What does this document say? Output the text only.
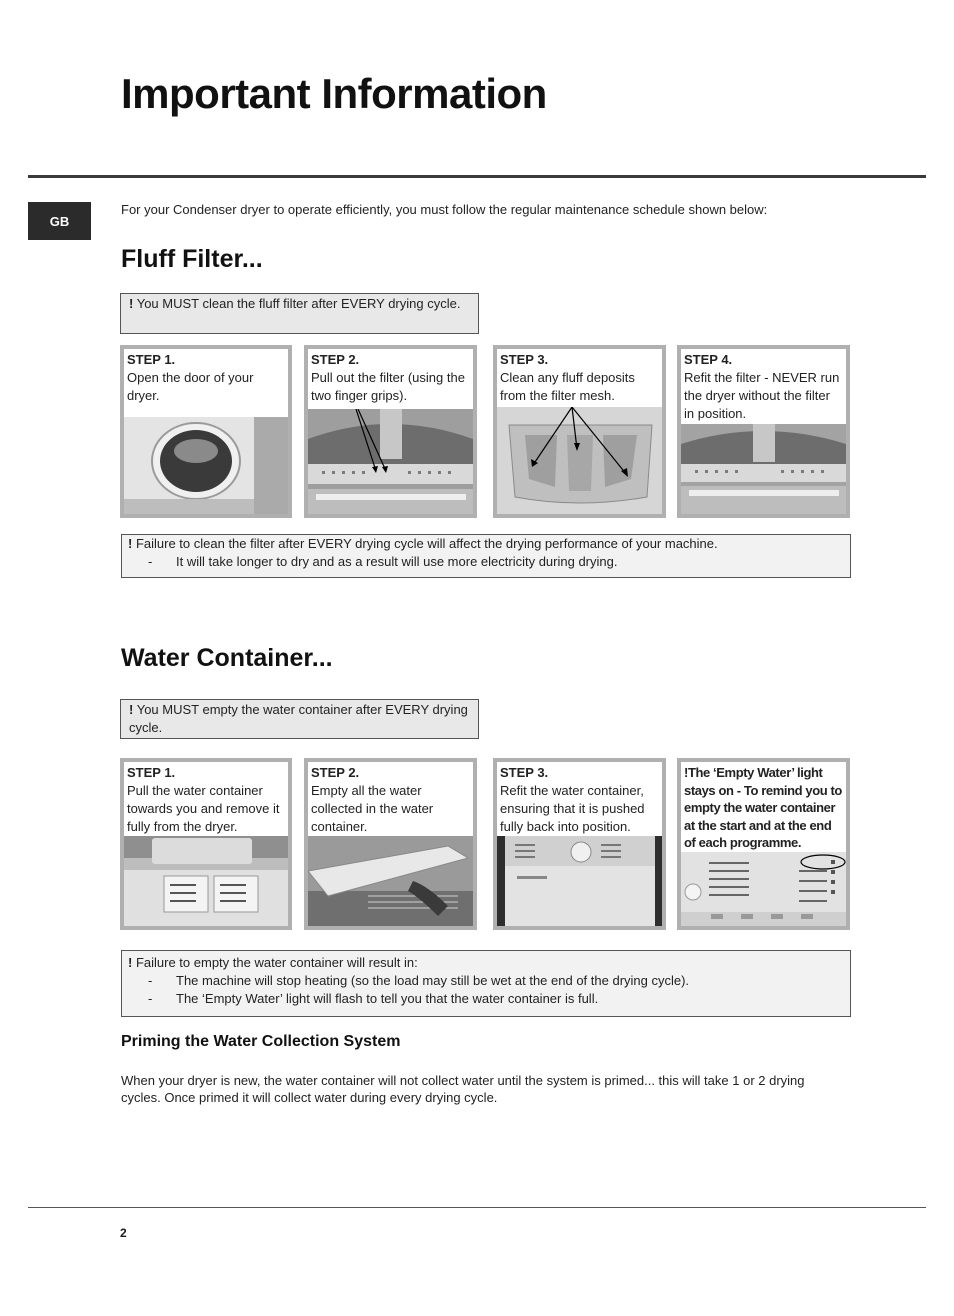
Important Information
GB
For your Condenser dryer to operate efficiently, you must follow the regular maintenance schedule shown below:
Fluff Filter...
! You MUST clean the fluff filter after EVERY drying cycle.
STEP 1.
Open the door of your dryer.
STEP 2.
Pull out the filter (using the two finger grips).
STEP 3.
Clean any fluff deposits from the filter mesh.
STEP 4.
Refit the filter - NEVER run the dryer without the filter in position.
! Failure to clean the filter after EVERY drying cycle will affect the drying performance of your machine.
- It will take longer to dry and as a result will use more electricity during drying.
Water Container...
! You MUST empty the water container after EVERY drying cycle.
STEP 1.
Pull the water container towards you and remove it fully from the dryer.
STEP 2.
Empty all the water collected in the water container.
STEP 3.
Refit the water container, ensuring that it is pushed fully back into position.
!The ‘Empty Water’ light stays on - To remind you to empty the water container at the start and at the end of each programme.
! Failure to empty the water container will result in:
- The machine will stop heating (so the load may still be wet at the end of the drying cycle).
- The ‘Empty Water’ light will flash to tell you that the water container is full.
Priming the Water Collection System
When your dryer is new, the water container will not collect water until the system is primed... this will take 1 or 2 drying cycles. Once primed it will collect water during every drying cycle.
2
